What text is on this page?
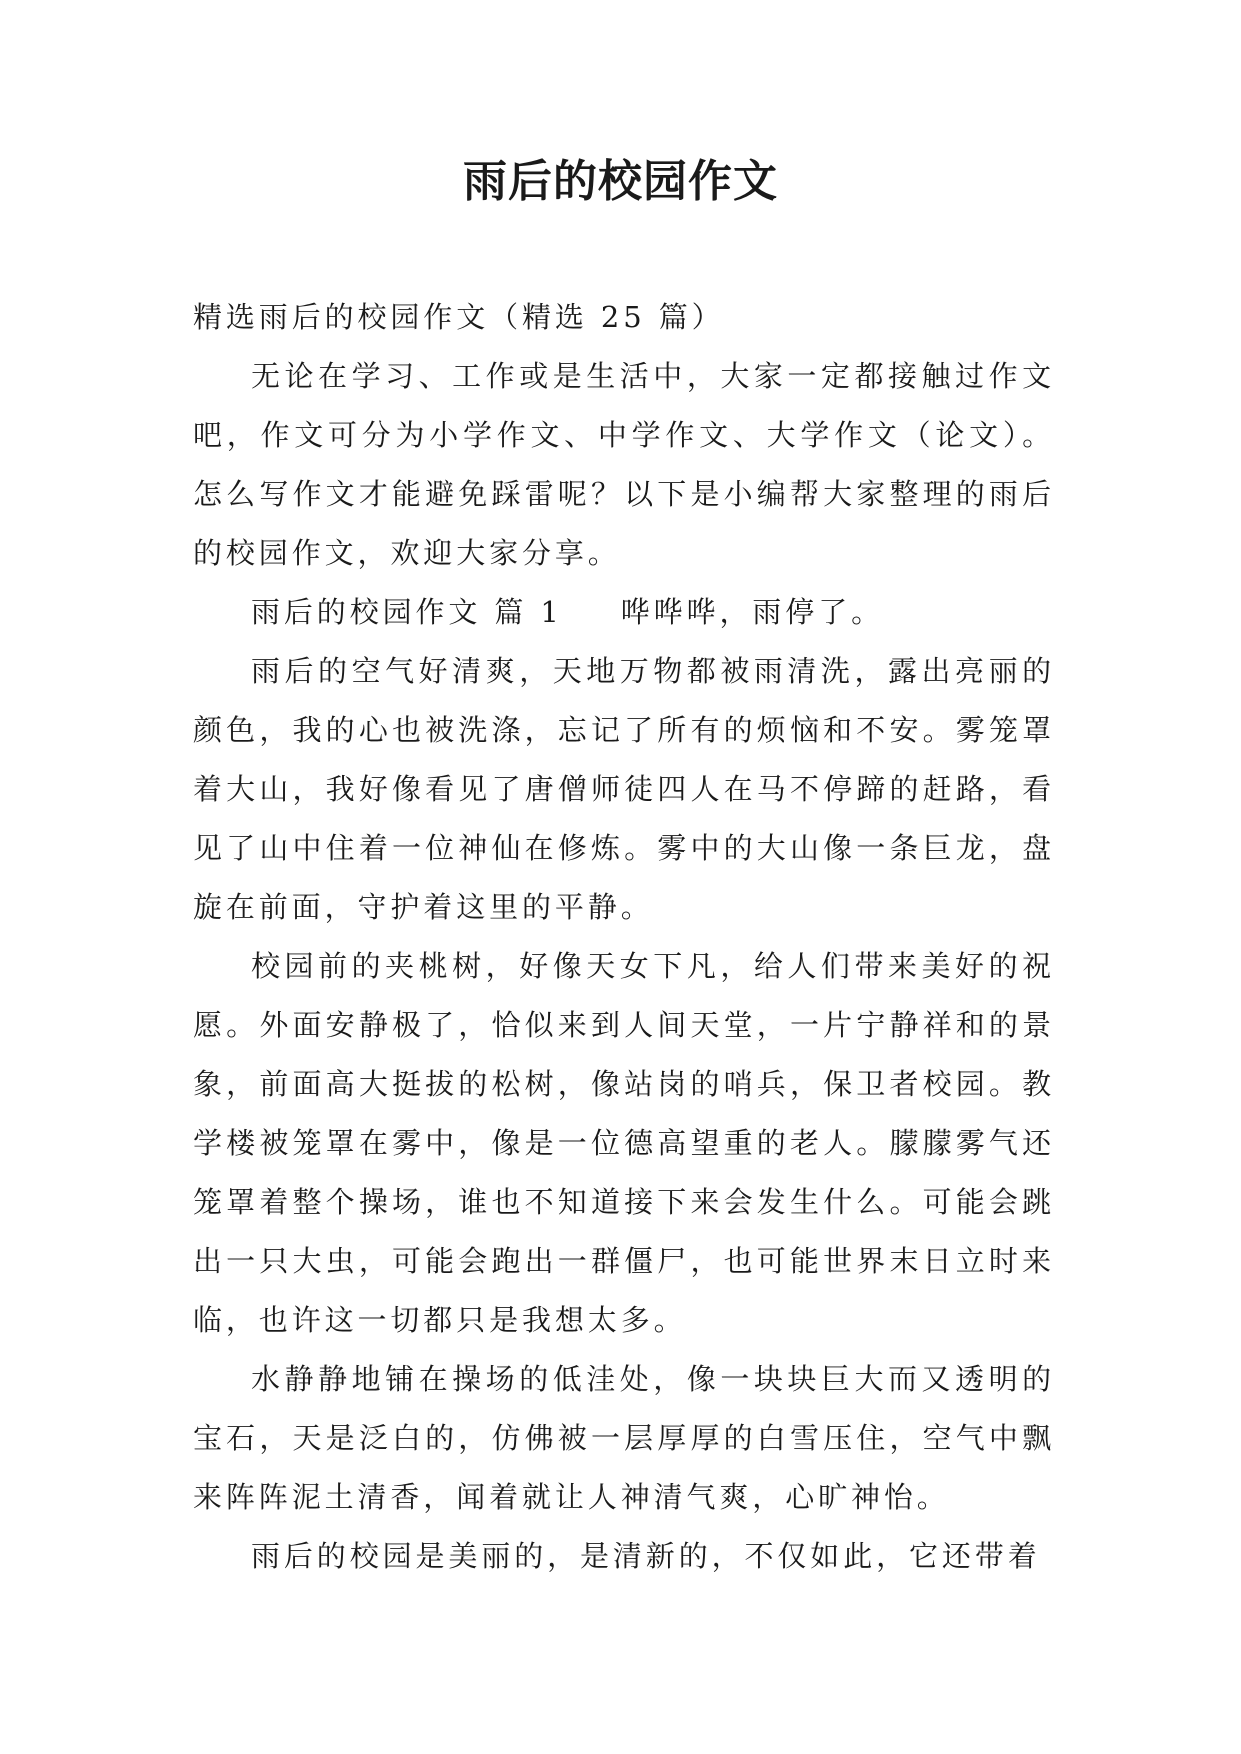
雨后的校园作文

精选雨后的校园作文（精选 25 篇）

无论在学习、工作或是生活中，大家一定都接触过作文吧，作文可分为小学作文、中学作文、大学作文（论文）。怎么写作文才能避免踩雷呢？以下是小编帮大家整理的雨后的校园作文，欢迎大家分享。

雨后的校园作文 篇 1 哗哗哗，雨停了。

雨后的空气好清爽，天地万物都被雨清洗，露出亮丽的颜色，我的心也被洗涤，忘记了所有的烦恼和不安。雾笼罩着大山，我好像看见了唐僧师徒四人在马不停蹄的赶路，看见了山中住着一位神仙在修炼。雾中的大山像一条巨龙，盘旋在前面，守护着这里的平静。

校园前的夹桃树，好像天女下凡，给人们带来美好的祝愿。外面安静极了，恰似来到人间天堂，一片宁静祥和的景象，前面高大挺拔的松树，像站岗的哨兵，保卫者校园。教学楼被笼罩在雾中，像是一位德高望重的老人。朦朦雾气还笼罩着整个操场，谁也不知道接下来会发生什么。可能会跳出一只大虫，可能会跑出一群僵尸，也可能世界末日立时来临，也许这一切都只是我想太多。

水静静地铺在操场的低洼处，像一块块巨大而又透明的宝石，天是泛白的，仿佛被一层厚厚的白雪压住，空气中飘来阵阵泥土清香，闻着就让人神清气爽，心旷神怡。

雨后的校园是美丽的，是清新的，不仅如此，它还带着
